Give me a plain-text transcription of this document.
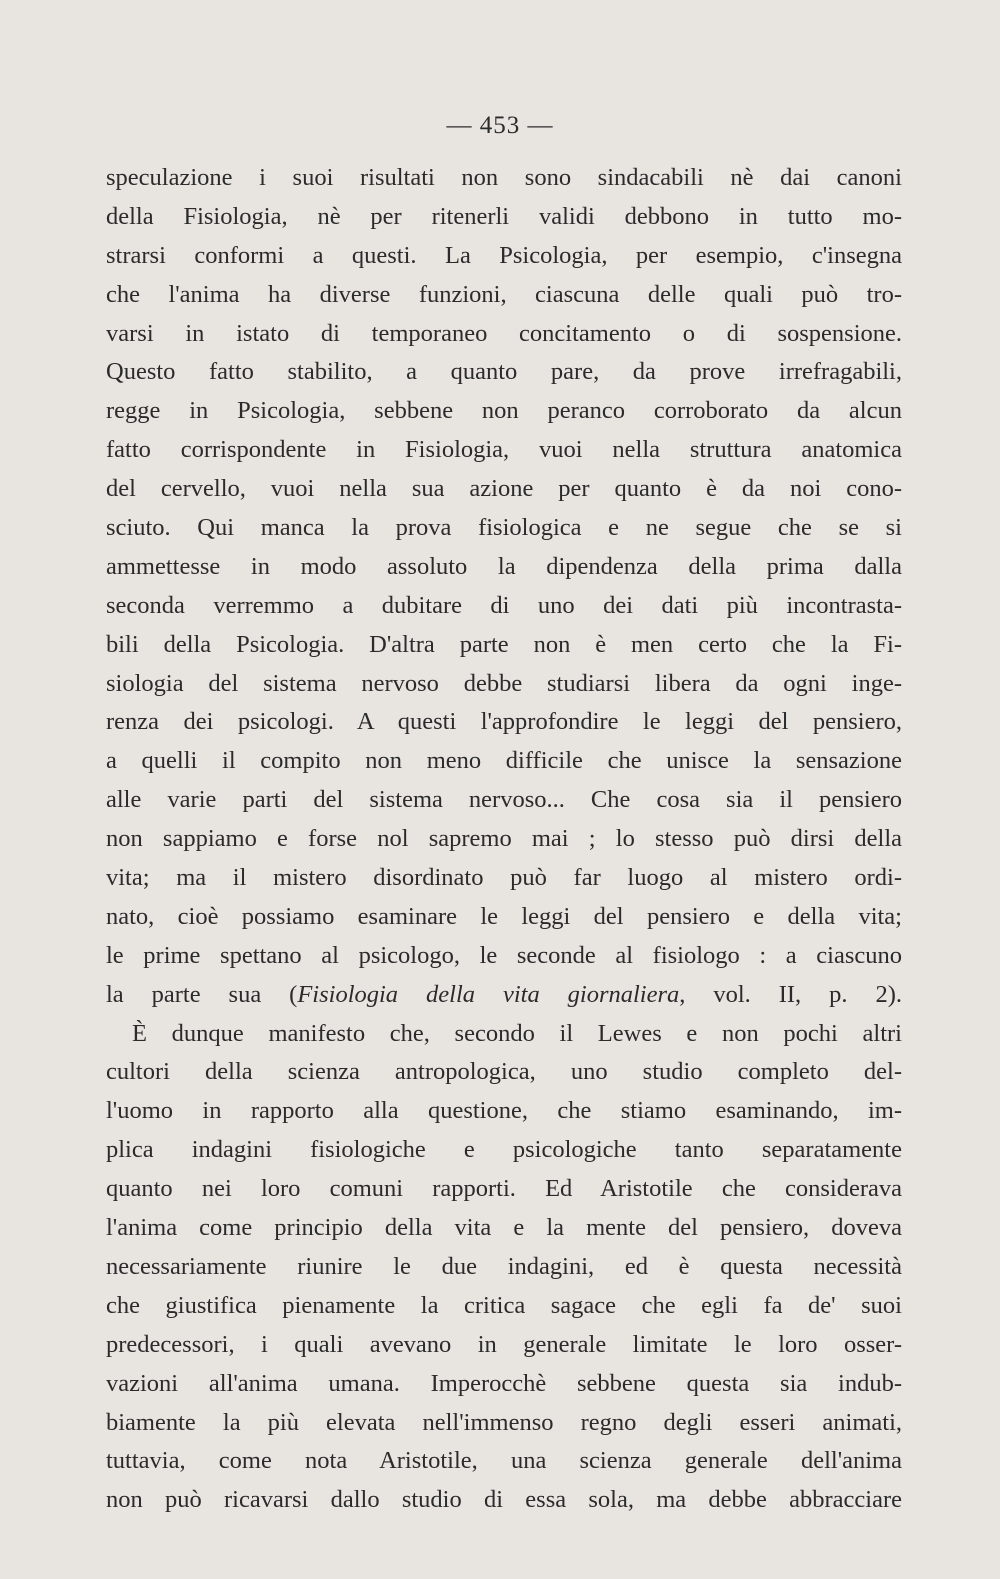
— 453 —
speculazione i suoi risultati non sono sindacabili nè dai canoni
della Fisiologia, nè per ritenerli validi debbono in tutto mo-
strarsi conformi a questi. La Psicologia, per esempio, c'insegna
che l'anima ha diverse funzioni, ciascuna delle quali può tro-
varsi in istato di temporaneo concitamento o di sospensione.
Questo fatto stabilito, a quanto pare, da prove irrefragabili,
regge in Psicologia, sebbene non peranco corroborato da alcun
fatto corrispondente in Fisiologia, vuoi nella struttura anatomica
del cervello, vuoi nella sua azione per quanto è da noi cono-
sciuto. Qui manca la prova fisiologica e ne segue che se si
ammettesse in modo assoluto la dipendenza della prima dalla
seconda verremmo a dubitare di uno dei dati più incontrasta-
bili della Psicologia. D'altra parte non è men certo che la Fi-
siologia del sistema nervoso debbe studiarsi libera da ogni inge-
renza dei psicologi. A questi l'approfondire le leggi del pensiero,
a quelli il compito non meno difficile che unisce la sensazione
alle varie parti del sistema nervoso... Che cosa sia il pensiero
non sappiamo e forse nol sapremo mai ; lo stesso può dirsi della
vita; ma il mistero disordinato può far luogo al mistero ordi-
nato, cioè possiamo esaminare le leggi del pensiero e della vita;
le prime spettano al psicologo, le seconde al fisiologo : a ciascuno
la parte sua (Fisiologia della vita giornaliera, vol. II, p. 2).
È dunque manifesto che, secondo il Lewes e non pochi altri
cultori della scienza antropologica, uno studio completo del-
l'uomo in rapporto alla questione, che stiamo esaminando, im-
plica indagini fisiologiche e psicologiche tanto separatamente
quanto nei loro comuni rapporti. Ed Aristotile che considerava
l'anima come principio della vita e la mente del pensiero, doveva
necessariamente riunire le due indagini, ed è questa necessità
che giustifica pienamente la critica sagace che egli fa de' suoi
predecessori, i quali avevano in generale limitate le loro osser-
vazioni all'anima umana. Imperocchè sebbene questa sia indub-
biamente la più elevata nell'immenso regno degli esseri animati,
tuttavia, come nota Aristotile, una scienza generale dell'anima
non può ricavarsi dallo studio di essa sola, ma debbe abbracciare
